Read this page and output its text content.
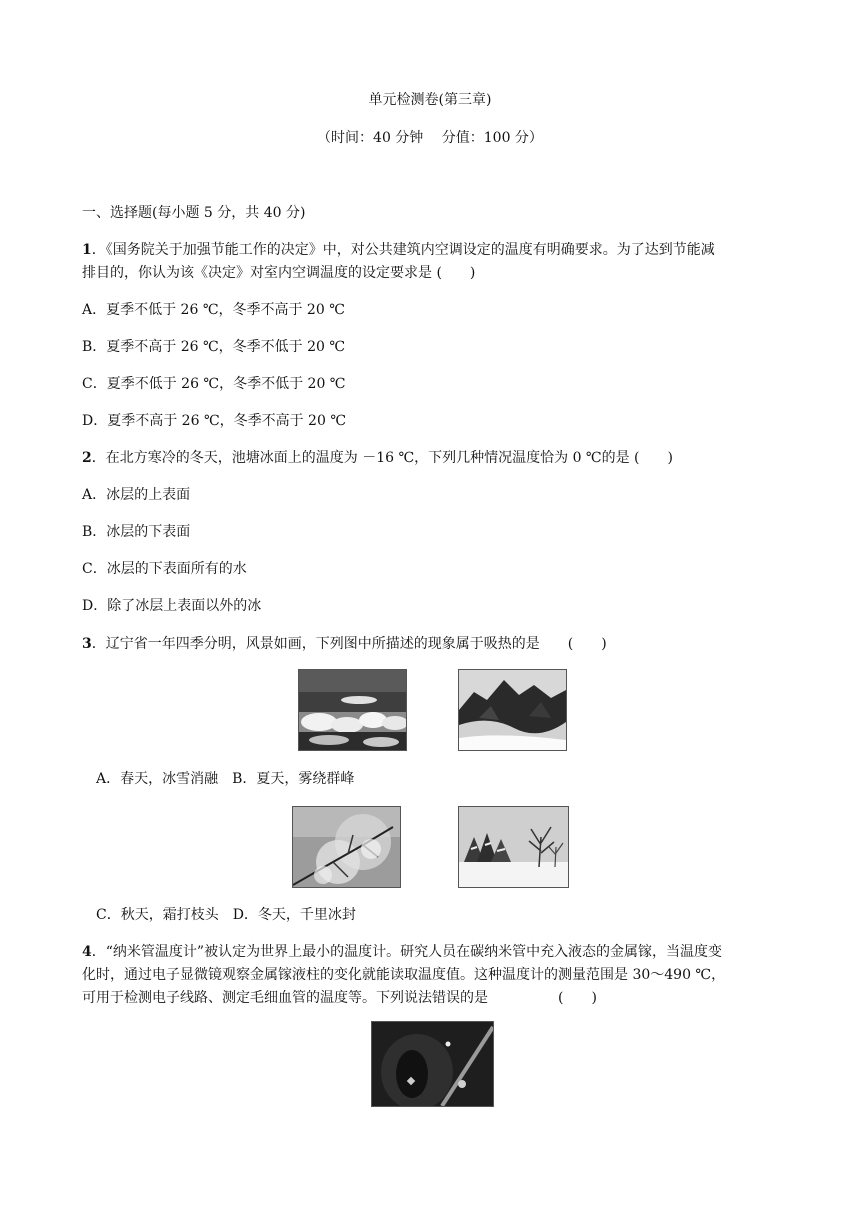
单元检测卷(第三章)
（时间：40 分钟　 分值：100 分）
一、选择题(每小题 5 分，共 40 分)
1．《国务院关于加强节能工作的决定》中，对公共建筑内空调设定的温度有明确要求。为了达到节能减
排目的，你认为该《决定》对室内空调温度的设定要求是 (　　)
A．夏季不低于 26 ℃，冬季不高于 20 ℃
B．夏季不高于 26 ℃，冬季不低于 20 ℃
C．夏季不低于 26 ℃，冬季不低于 20 ℃
D．夏季不高于 26 ℃，冬季不高于 20 ℃
2．在北方寒冷的冬天，池塘冰面上的温度为 －16 ℃，下列几种情况温度恰为 0 ℃的是 (　　)
A．冰层的上表面
B．冰层的下表面
C．冰层的下表面所有的水
D．除了冰层上表面以外的冰
3．辽宁省一年四季分明，风景如画，下列图中所描述的现象属于吸热的是　　(　　)
A．春天，冰雪消融　B．夏天，雾绕群峰
C．秋天，霜打枝头　D．冬天，千里冰封
4．“纳米管温度计”被认定为世界上最小的温度计。研究人员在碳纳米管中充入液态的金属镓，当温度变
化时，通过电子显微镜观察金属镓液柱的变化就能读取温度值。这种温度计的测量范围是 30～490 ℃，
可用于检测电子线路、测定毛细血管的温度等。下列说法错误的是　　　　　(　　)
